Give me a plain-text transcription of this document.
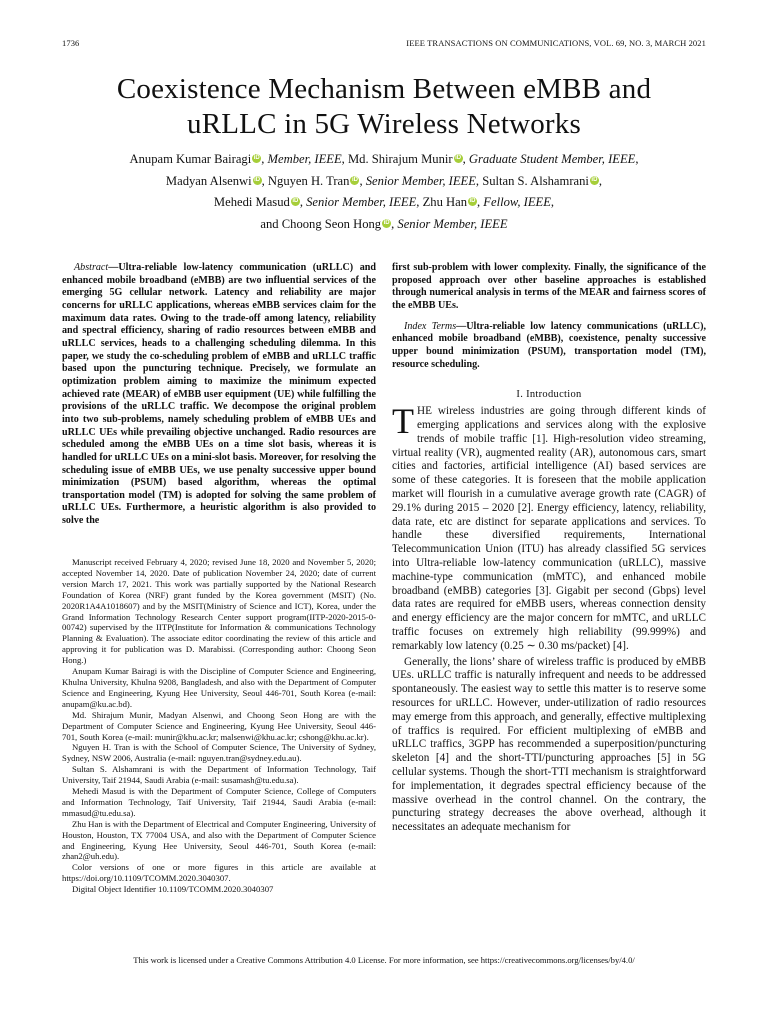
1736	IEEE TRANSACTIONS ON COMMUNICATIONS, VOL. 69, NO. 3, MARCH 2021
Coexistence Mechanism Between eMBB and
uRLLC in 5G Wireless Networks
Anupam Kumar Bairagi iD , Member, IEEE, Md. Shirajum Munir iD , Graduate Student Member, IEEE,
Madyan Alsenwi iD , Nguyen H. Tran iD , Senior Member, IEEE, Sultan S. Alshamrani iD ,
Mehedi Masud iD , Senior Member, IEEE, Zhu Han iD , Fellow, IEEE,
and Choong Seon Hong iD , Senior Member, IEEE

Abstract—Ultra-reliable low-latency communication (uRLLC) and enhanced mobile broadband (eMBB) are two influential services of the emerging 5G cellular network. Latency and reliability are major concerns for uRLLC applications, whereas eMBB services claim for the maximum data rates. Owing to the trade-off among latency, reliability and spectral efficiency, sharing of radio resources between eMBB and uRLLC services, heads to a challenging scheduling dilemma. In this paper, we study the co-scheduling problem of eMBB and uRLLC traffic based upon the puncturing technique. Precisely, we formulate an optimization problem aiming to maximize the minimum expected achieved rate (MEAR) of eMBB user equipment (UE) while fulfilling the provisions of the uRLLC traffic. We decompose the original problem into two sub-problems, namely scheduling problem of eMBB UEs and uRLLC UEs while prevailing objective unchanged. Radio resources are scheduled among the eMBB UEs on a time slot basis, whereas it is handled for uRLLC UEs on a mini-slot basis. Moreover, for resolving the scheduling issue of eMBB UEs, we use penalty successive upper bound minimization (PSUM) based algorithm, whereas the optimal transportation model (TM) is adopted for solving the same problem of uRLLC UEs. Furthermore, a heuristic algorithm is also provided to solve the

Manuscript received February 4, 2020; revised June 18, 2020 and November 5, 2020; accepted November 14, 2020. Date of publication November 24, 2020; date of current version March 17, 2021. This work was partially supported by the National Research Foundation of Korea (NRF) grant funded by the Korea government (MSIT) (No. 2020R1A4A1018607) and by the MSIT(Ministry of Science and ICT), Korea, under the Grand Information Technology Research Center support program(IITP-2020-2015-0-00742) supervised by the IITP(Institute for Information & communications Technology Planning & Evaluation). The associate editor coordinating the review of this article and approving it for publication was D. Marabissi. (Corresponding author: Choong Seon Hong.)

Anupam Kumar Bairagi is with the Discipline of Computer Science and Engineering, Khulna University, Khulna 9208, Bangladesh, and also with the Department of Computer Science and Engineering, Kyung Hee University, Seoul 446-701, South Korea (e-mail: anupam@ku.ac.bd).

Md. Shirajum Munir, Madyan Alsenwi, and Choong Seon Hong are with the Department of Computer Science and Engineering, Kyung Hee University, Seoul 446-701, South Korea (e-mail: munir@khu.ac.kr; malsenwi@khu.ac.kr; cshong@khu.ac.kr).

Nguyen H. Tran is with the School of Computer Science, The University of Sydney, Sydney, NSW 2006, Australia (e-mail: nguyen.tran@sydney.edu.au).

Sultan S. Alshamrani is with the Department of Information Technology, Taif University, Taif 21944, Saudi Arabia (e-mail: susamash@tu.edu.sa).

Mehedi Masud is with the Department of Computer Science, College of Computers and Information Technology, Taif University, Taif 21944, Saudi Arabia (e-mail: mmasud@tu.edu.sa).

Zhu Han is with the Department of Electrical and Computer Engineering, University of Houston, Houston, TX 77004 USA, and also with the Department of Computer Science and Engineering, Kyung Hee University, Seoul 446-701, South Korea (e-mail: zhan2@uh.edu).

Color versions of one or more figures in this article are available at https://doi.org/10.1109/TCOMM.2020.3040307.

Digital Object Identifier 10.1109/TCOMM.2020.3040307

first sub-problem with lower complexity. Finally, the significance of the proposed approach over other baseline approaches is established through numerical analysis in terms of the MEAR and fairness scores of the eMBB UEs.

Index Terms—Ultra-reliable low latency communications (uRLLC), enhanced mobile broadband (eMBB), coexistence, penalty successive upper bound minimization (PSUM), transportation model (TM), resource scheduling.

I. Introduction

THE wireless industries are going through different kinds of emerging applications and services along with the explosive trends of mobile traffic [1]. High-resolution video streaming, virtual reality (VR), augmented reality (AR), autonomous cars, smart cities and factories, artificial intelligence (AI) based services are some of these categories. It is foreseen that the mobile application market will flourish in a cumulative average growth rate (CAGR) of 29.1% during 2015 – 2020 [2]. Energy efficiency, latency, reliability, data rate, etc are distinct for separate applications and services. To handle these diversified requirements, International Telecommunication Union (ITU) has already classified 5G services into Ultra-reliable low-latency communication (uRLLC), massive machine-type communication (mMTC), and enhanced mobile broadband (eMBB) categories [3]. Gigabit per second (Gbps) level data rates are required for eMBB users, whereas connection density and energy efficiency are the major concern for mMTC, and uRLLC traffic focuses on extremely high reliability (99.999%) and remarkably low latency (0.25 ∼ 0.30 ms/packet) [4].

Generally, the lions’ share of wireless traffic is produced by eMBB UEs. uRLLC traffic is naturally infrequent and needs to be addressed spontaneously. The easiest way to settle this matter is to reserve some resources for uRLLC. However, under-utilization of radio resources may emerge from this approach, and generally, effective multiplexing of traffics is required. For efficient multiplexing of eMBB and uRLLC traffics, 3GPP has recommended a superposition/puncturing skeleton [4] and the short-TTI/puncturing approaches [5] in 5G cellular systems. Though the short-TTI mechanism is straightforward for implementation, it degrades spectral efficiency because of the massive overhead in the control channel. On the contrary, the puncturing strategy decreases the above overhead, although it necessitates an adequate mechanism for

This work is licensed under a Creative Commons Attribution 4.0 License. For more information, see https://creativecommons.org/licenses/by/4.0/
